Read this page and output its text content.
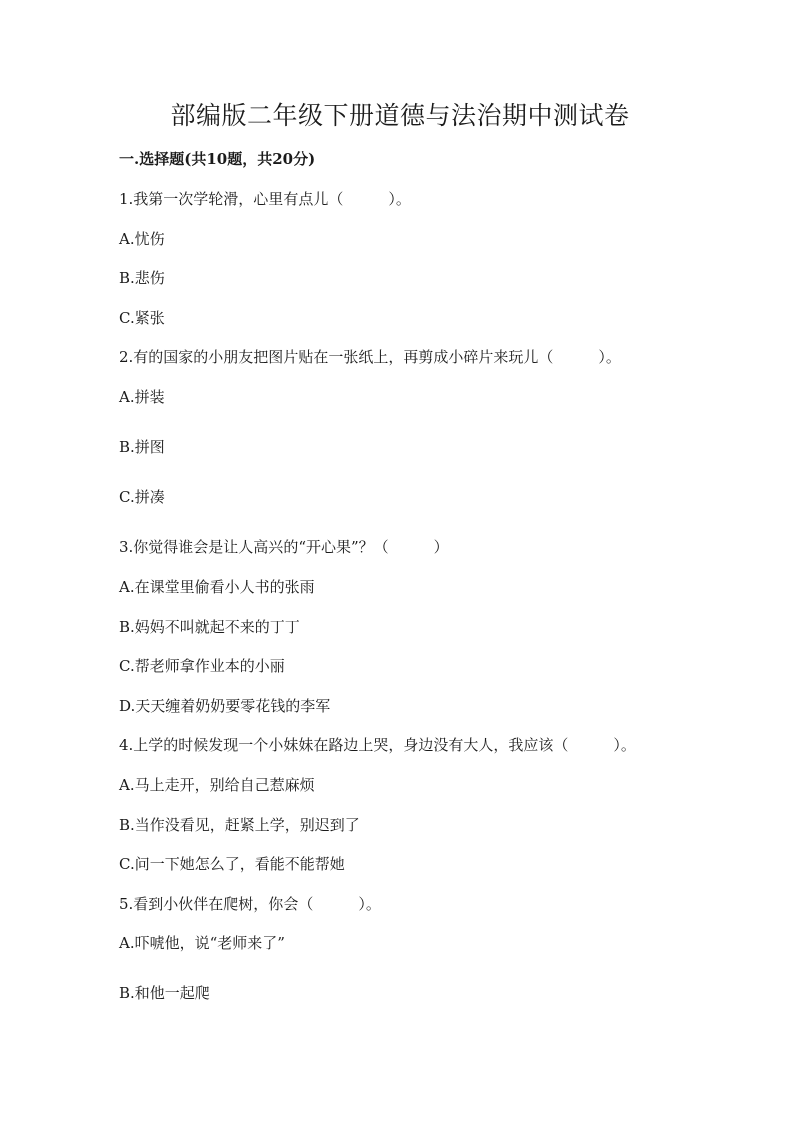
部编版二年级下册道德与法治期中测试卷
一.选择题(共10题，共20分)
1.我第一次学轮滑，心里有点儿（　　　）。
A.忧伤
B.悲伤
C.紧张
2.有的国家的小朋友把图片贴在一张纸上，再剪成小碎片来玩儿（　　　）。
A.拼装
B.拼图
C.拼凑
3.你觉得谁会是让人高兴的“开心果”？（　　　）
A.在课堂里偷看小人书的张雨
B.妈妈不叫就起不来的丁丁
C.帮老师拿作业本的小丽
D.天天缠着奶奶要零花钱的李军
4.上学的时候发现一个小妹妹在路边上哭，身边没有大人，我应该（　　　）。
A.马上走开，别给自己惹麻烦
B.当作没看见，赶紧上学，别迟到了
C.问一下她怎么了，看能不能帮她
5.看到小伙伴在爬树，你会（　　　）。
A.吓唬他，说“老师来了”
B.和他一起爬
